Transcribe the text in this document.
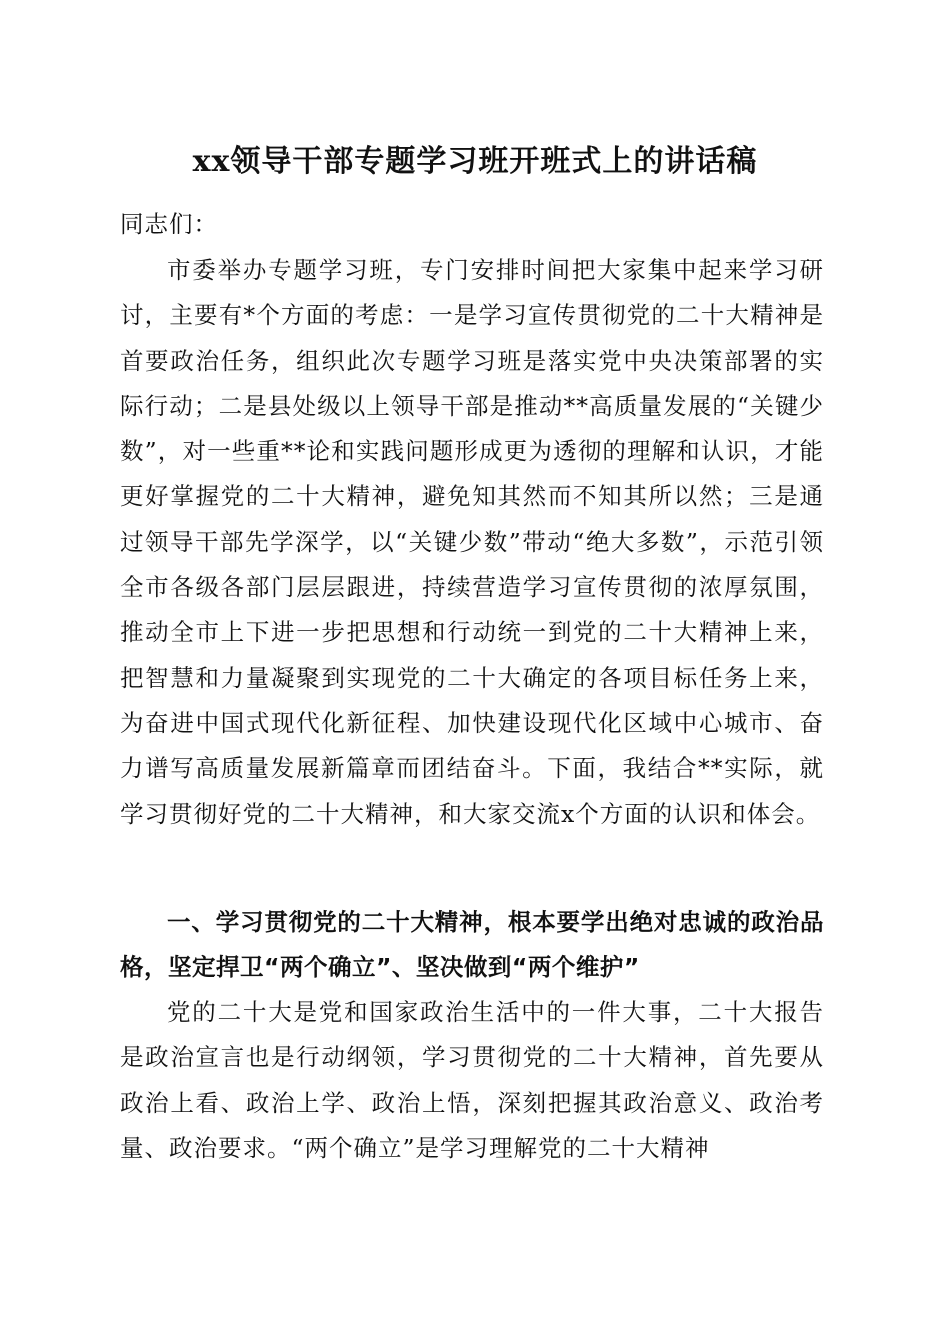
xx领导干部专题学习班开班式上的讲话稿
同志们：
市委举办专题学习班，专门安排时间把大家集中起来学习研讨，主要有*个方面的考虑：一是学习宣传贯彻党的二十大精神是首要政治任务，组织此次专题学习班是落实党中央决策部署的实际行动；二是县处级以上领导干部是推动**高质量发展的“关键少数”，对一些重**论和实践问题形成更为透彻的理解和认识，才能更好掌握党的二十大精神，避免知其然而不知其所以然；三是通过领导干部先学深学，以“关键少数”带动“绝大多数”，示范引领全市各级各部门层层跟进，持续营造学习宣传贯彻的浓厚氛围，推动全市上下进一步把思想和行动统一到党的二十大精神上来，把智慧和力量凝聚到实现党的二十大确定的各项目标任务上来，为奋进中国式现代化新征程、加快建设现代化区域中心城市、奋力谱写高质量发展新篇章而团结奋斗。下面，我结合**实际，就学习贯彻好党的二十大精神，和大家交流x个方面的认识和体会。
一、学习贯彻党的二十大精神，根本要学出绝对忠诚的政治品格，坚定捍卫“两个确立”、坚决做到“两个维护”
党的二十大是党和国家政治生活中的一件大事，二十大报告是政治宣言也是行动纲领，学习贯彻党的二十大精神，首先要从政治上看、政治上学、政治上悟，深刻把握其政治意义、政治考量、政治要求。“两个确立”是学习理解党的二十大精神
